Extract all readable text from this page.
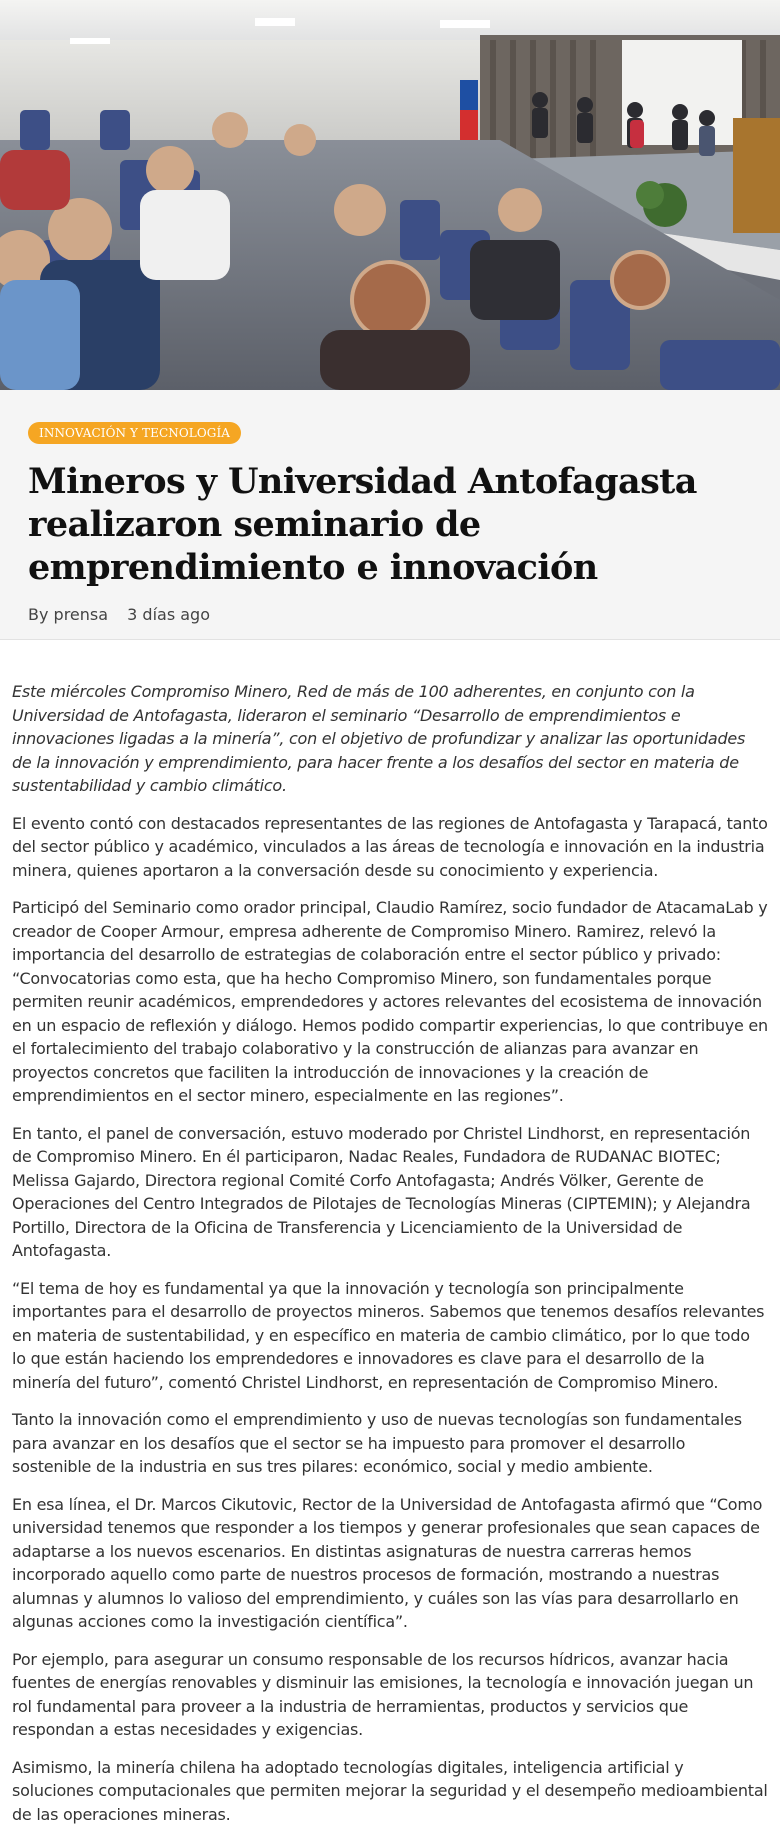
INNOVACIÓN Y TECNOLOGÍA
Mineros y Universidad Antofagasta realizaron seminario de emprendimiento e innovación
By prensa 3 días ago

Este miércoles Compromiso Minero, Red de más de 100 adherentes, en conjunto con la Universidad de Antofagasta, lideraron el seminario “Desarrollo de emprendimientos e innovaciones ligadas a la minería”, con el objetivo de profundizar y analizar las oportunidades de la innovación y emprendimiento, para hacer frente a los desafíos del sector en materia de sustentabilidad y cambio climático.

El evento contó con destacados representantes de las regiones de Antofagasta y Tarapacá, tanto del sector público y académico, vinculados a las áreas de tecnología e innovación en la industria minera, quienes aportaron a la conversación desde su conocimiento y experiencia.

Participó del Seminario como orador principal, Claudio Ramírez, socio fundador de AtacamaLab y creador de Cooper Armour, empresa adherente de Compromiso Minero. Ramirez, relevó la importancia del desarrollo de estrategias de colaboración entre el sector público y privado: “Convocatorias como esta, que ha hecho Compromiso Minero, son fundamentales porque permiten reunir académicos, emprendedores y actores relevantes del ecosistema de innovación en un espacio de reflexión y diálogo. Hemos podido compartir experiencias, lo que contribuye en el fortalecimiento del trabajo colaborativo y la construcción de alianzas para avanzar en proyectos concretos que faciliten la introducción de innovaciones y la creación de emprendimientos en el sector minero, especialmente en las regiones”.

En tanto, el panel de conversación, estuvo moderado por Christel Lindhorst, en representación de Compromiso Minero. En él participaron, Nadac Reales, Fundadora de RUDANAC BIOTEC; Melissa Gajardo, Directora regional Comité Corfo Antofagasta; Andrés Völker, Gerente de Operaciones del Centro Integrados de Pilotajes de Tecnologías Mineras (CIPTEMIN); y Alejandra Portillo, Directora de la Oficina de Transferencia y Licenciamiento de la Universidad de Antofagasta.

“El tema de hoy es fundamental ya que la innovación y tecnología son principalmente importantes para el desarrollo de proyectos mineros. Sabemos que tenemos desafíos relevantes en materia de sustentabilidad, y en específico en materia de cambio climático, por lo que todo lo que están haciendo los emprendedores e innovadores es clave para el desarrollo de la minería del futuro”, comentó Christel Lindhorst, en representación de Compromiso Minero.

Tanto la innovación como el emprendimiento y uso de nuevas tecnologías son fundamentales para avanzar en los desafíos que el sector se ha impuesto para promover el desarrollo sostenible de la industria en sus tres pilares: económico, social y medio ambiente.

En esa línea, el Dr. Marcos Cikutovic, Rector de la Universidad de Antofagasta afirmó que “Como universidad tenemos que responder a los tiempos y generar profesionales que sean capaces de adaptarse a los nuevos escenarios. En distintas asignaturas de nuestra carreras hemos incorporado aquello como parte de nuestros procesos de formación, mostrando a nuestras alumnas y alumnos lo valioso del emprendimiento, y cuáles son las vías para desarrollarlo en algunas acciones como la investigación científica”.

Por ejemplo, para asegurar un consumo responsable de los recursos hídricos, avanzar hacia fuentes de energías renovables y disminuir las emisiones, la tecnología e innovación juegan un rol fundamental para proveer a la industria de herramientas, productos y servicios que respondan a estas necesidades y exigencias.

Asimismo, la minería chilena ha adoptado tecnologías digitales, inteligencia artificial y soluciones computacionales que permiten mejorar la seguridad y el desempeño medioambiental de las operaciones mineras.
